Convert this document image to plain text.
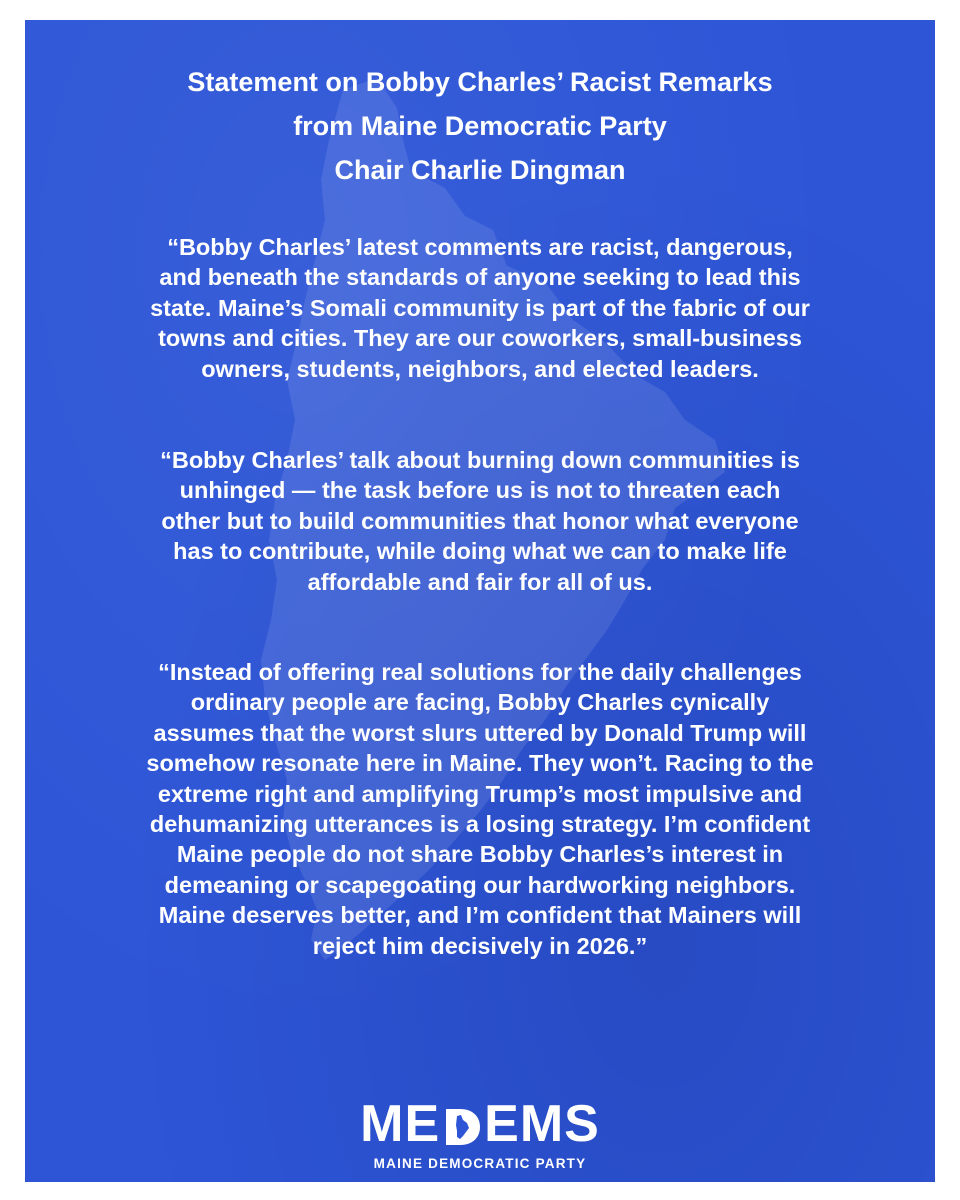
Statement on Bobby Charles’ Racist Remarks
from Maine Democratic Party
Chair Charlie Dingman
“Bobby Charles’ latest comments are racist, dangerous,
and beneath the standards of anyone seeking to lead this
state. Maine’s Somali community is part of the fabric of our
towns and cities. They are our coworkers, small-business
owners, students, neighbors, and elected leaders.
“Bobby Charles’ talk about burning down communities is
unhinged — the task before us is not to threaten each
other but to build communities that honor what everyone
has to contribute, while doing what we can to make life
affordable and fair for all of us.
“Instead of offering real solutions for the daily challenges
ordinary people are facing, Bobby Charles cynically
assumes that the worst slurs uttered by Donald Trump will
somehow resonate here in Maine. They won’t. Racing to the
extreme right and amplifying Trump’s most impulsive and
dehumanizing utterances is a losing strategy. I’m confident
Maine people do not share Bobby Charles’s interest in
demeaning or scapegoating our hardworking neighbors.
Maine deserves better, and I’m confident that Mainers will
reject him decisively in 2026.”
ME EMS
MAINE DEMOCRATIC PARTY
